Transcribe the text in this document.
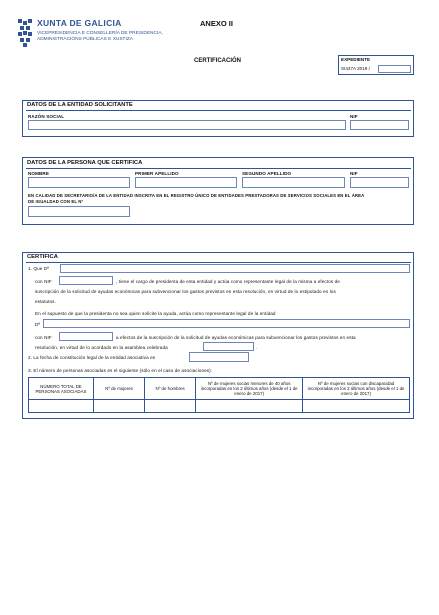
XUNTA DE GALICIA
VICEPRESIDENCIA E CONSELLERÍA DE PRESIDENCIA,
ADMINISTRACIÓNS PÚBLICAS E XUSTIZA
ANEXO II
CERTIFICACIÓN	EXPEDIENTE
SI437A 2019 /
DATOS DE LA ENTIDAD SOLICITANTE
RAZÓN SOCIAL	NIF
DATOS DE LA PERSONA QUE CERTIFICA
NOMBRE	PRIMER APELLIDO	SEGUNDO APELLIDO	NIF
EN CALIDAD DE SECRETARIO/A DE LA ENTIDAD INSCRITA EN EL REGISTRO ÚNICO DE ENTIDADES PRESTADORAS DE SERVICIOS SOCIALES EN EL ÁREA
DE IGUALDAD CON EL Nº
CERTIFICA
1. Que Dª
con NIF	, tiene el cargo de presidenta de esta entidad y actúa como representante legal de la misma a efectos de
suscripción de la solicitud de ayudas económicas para subvencionar los gastos previstos en esta resolución, en virtud de lo estipulado en los
estatutos.
En el supuesto de que la presidenta no sea quien solicite la ayuda, actúa como representante legal de la entidad
Dª
con NIF	a efectos de la suscripción de la solicitud de ayudas económicas para subvencionar los gastos previstos en esta
resolución, en virtud de lo acordado en la asamblea celebrada	.
2. La fecha de constitución legal de la entidad asociativa es
3. El número de personas asociadas es el siguiente (sólo en el caso de asociaciones):
NÚMERO TOTAL DE PERSONAS ASOCIADAS	Nº de mujeres	Nº de hombres	Nº de mujeres socias menores de 40 años incorporadas en los 2 últimos años (desde el 1 de enero de 2017)	Nº de mujeres socias con discapacidad incorporadas en los 2 últimos años (desde el 1 de enero de 2017)
